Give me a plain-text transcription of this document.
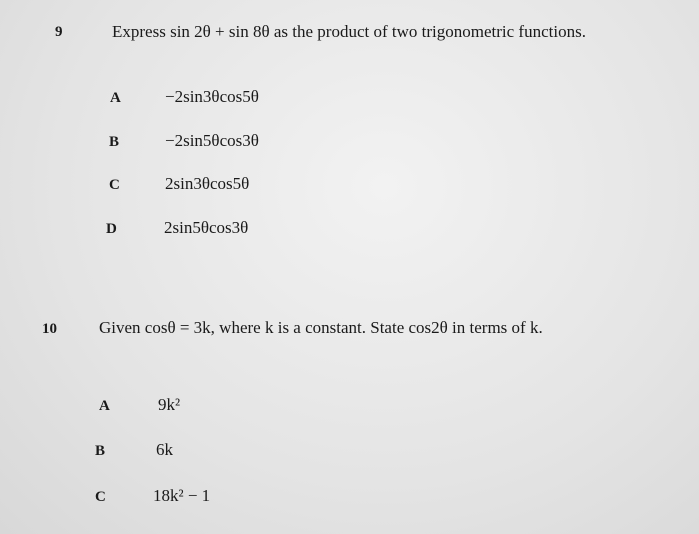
9	Express sin 2θ + sin 8θ as the product of two trigonometric functions.
A	−2sin3θcos5θ
B	−2sin5θcos3θ
C	2sin3θcos5θ
D	2sin5θcos3θ
10 Given cosθ = 3k, where k is a constant. State cos2θ in terms of k.
A	9k²
B	6k
C	18k² − 1
